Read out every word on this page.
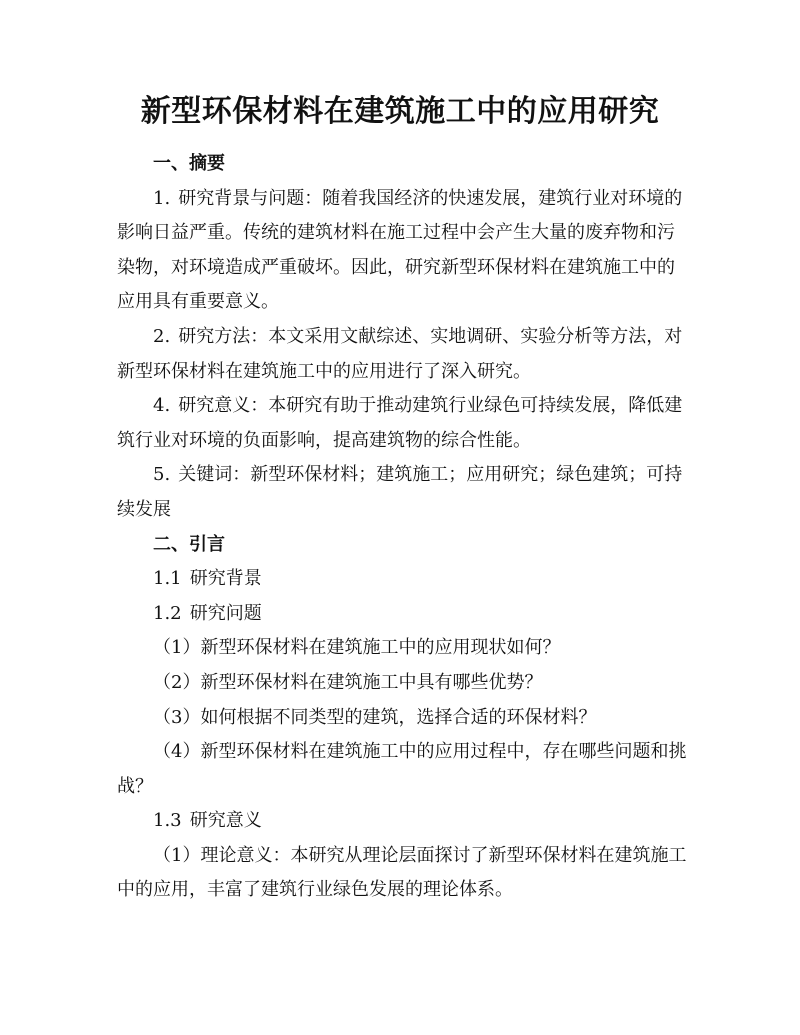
新型环保材料在建筑施工中的应用研究

一、摘要

1. 研究背景与问题：随着我国经济的快速发展，建筑行业对环境的影响日益严重。传统的建筑材料在施工过程中会产生大量的废弃物和污染物，对环境造成严重破坏。因此，研究新型环保材料在建筑施工中的应用具有重要意义。

2. 研究方法：本文采用文献综述、实地调研、实验分析等方法，对新型环保材料在建筑施工中的应用进行了深入研究。

4. 研究意义：本研究有助于推动建筑行业绿色可持续发展，降低建筑行业对环境的负面影响，提高建筑物的综合性能。

5. 关键词：新型环保材料；建筑施工；应用研究；绿色建筑；可持续发展

二、引言

1.1 研究背景

1.2 研究问题

（1）新型环保材料在建筑施工中的应用现状如何？

（2）新型环保材料在建筑施工中具有哪些优势？

（3）如何根据不同类型的建筑，选择合适的环保材料？

（4）新型环保材料在建筑施工中的应用过程中，存在哪些问题和挑战？

1.3 研究意义

（1）理论意义：本研究从理论层面探讨了新型环保材料在建筑施工中的应用，丰富了建筑行业绿色发展的理论体系。
